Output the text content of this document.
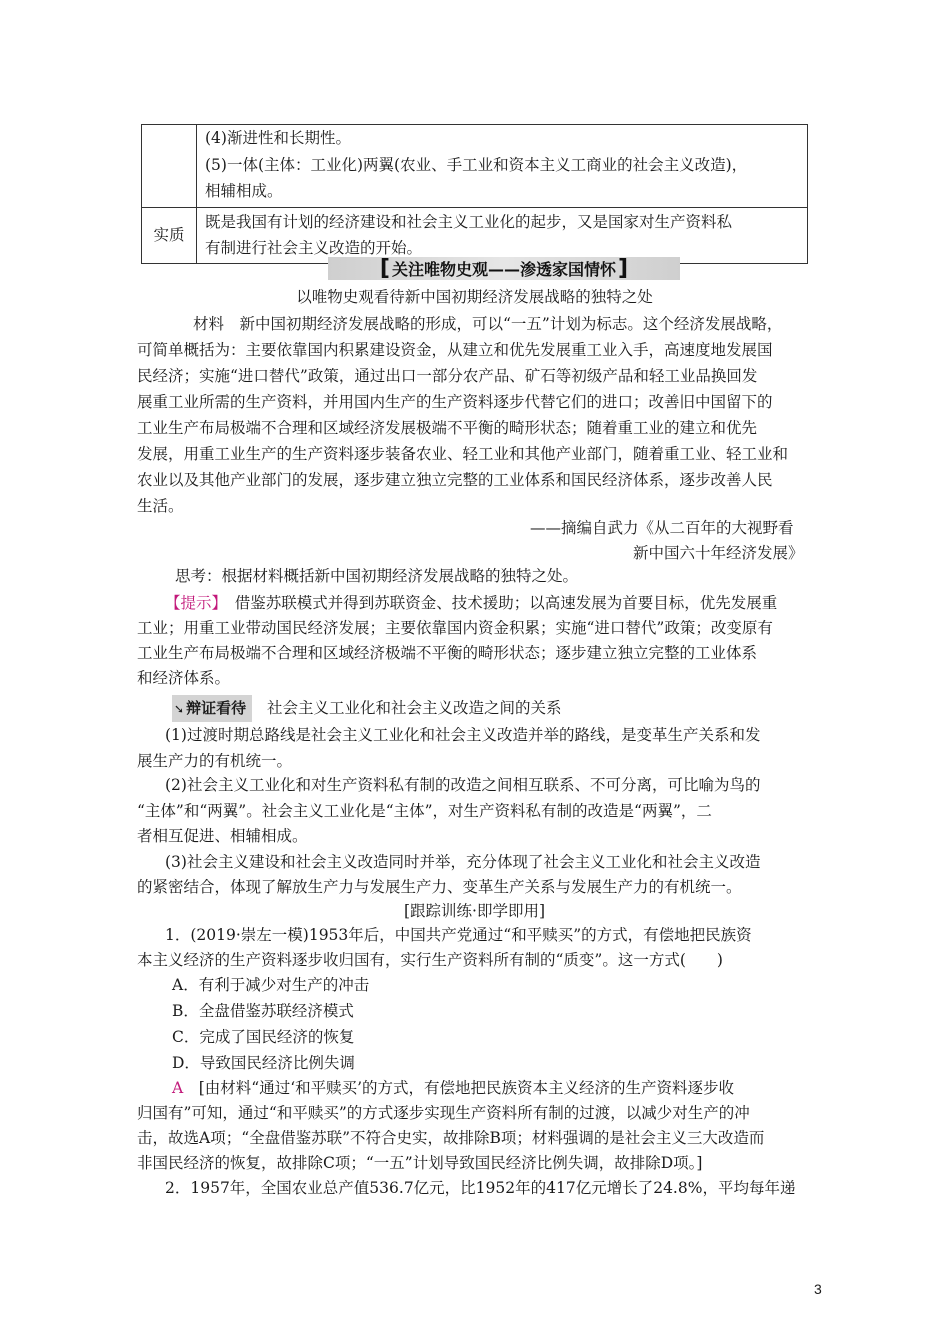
	(4)渐进性和长期性。
(5)一体(主体：工业化)两翼(农业、手工业和资本主义工商业的社会主义改造)，
相辅相成。

实质	既是我国有计划的经济建设和社会主义工业化的起步，又是国家对生产资料私
有制进行社会主义改造的开始。
[ 关注唯物史观——渗透家国情怀 ]
以唯物史观看待新中国初期经济发展战略的独特之处
材料　新中国初期经济发展战略的形成，可以“一五”计划为标志。这个经济发展战略，
可简单概括为：主要依靠国内积累建设资金，从建立和优先发展重工业入手，高速度地发展国
民经济；实施“进口替代”政策，通过出口一部分农产品、矿石等初级产品和轻工业品换回发
展重工业所需的生产资料，并用国内生产的生产资料逐步代替它们的进口；改善旧中国留下的
工业生产布局极端不合理和区域经济发展极端不平衡的畸形状态；随着重工业的建立和优先
发展，用重工业生产的生产资料逐步装备农业、轻工业和其他产业部门，随着重工业、轻工业和
农业以及其他产业部门的发展，逐步建立独立完整的工业体系和国民经济体系，逐步改善人民
生活。
——摘编自武力《从二百年的大视野看
新中国六十年经济发展》
思考：根据材料概括新中国初期经济发展战略的独特之处。
【提示】　 借鉴苏联模式并得到苏联资金、技术援助；以高速发展为首要目标，优先发展重
工业；用重工业带动国民经济发展；主要依靠国内资金积累；实施“进口替代”政策；改变原有
工业生产布局极端不合理和区域经济极端不平衡的畸形状态；逐步建立独立完整的工业体系
和经济体系。
➘ 辩证看待 社会主义工业化和社会主义改造之间的关系
(1)过渡时期总路线是社会主义工业化和社会主义改造并举的路线，是变革生产关系和发
展生产力的有机统一。
(2)社会主义工业化和对生产资料私有制的改造之间相互联系、不可分离，可比喻为鸟的
“主体”和“两翼”。社会主义工业化是“主体”，对生产资料私有制的改造是“两翼”，二
者相互促进、相辅相成。
(3)社会主义建设和社会主义改造同时并举，充分体现了社会主义工业化和社会主义改造
的紧密结合，体现了解放生产力与发展生产力、变革生产关系与发展生产力的有机统一。
[跟踪训练·即学即用]
1．(2019·崇左一模)1953年后，中国共产党通过“和平赎买”的方式，有偿地把民族资
本主义经济的生产资料逐步收归国有，实行生产资料所有制的“质变”。这一方式(　　)
A．有利于减少对生产的冲击
B．全盘借鉴苏联经济模式
C．完成了国民经济的恢复
D．导致国民经济比例失调
A　 [由材料“通过‘和平赎买’的方式，有偿地把民族资本主义经济的生产资料逐步收
归国有”可知，通过“和平赎买”的方式逐步实现生产资料所有制的过渡，以减少对生产的冲
击，故选A项；“全盘借鉴苏联”不符合史实，故排除B项；材料强调的是社会主义三大改造而
非国民经济的恢复，故排除C项；“一五”计划导致国民经济比例失调，故排除D项。]
2．1957年，全国农业总产值536.7亿元，比1952年的417亿元增长了24.8%，平均每年递
3
